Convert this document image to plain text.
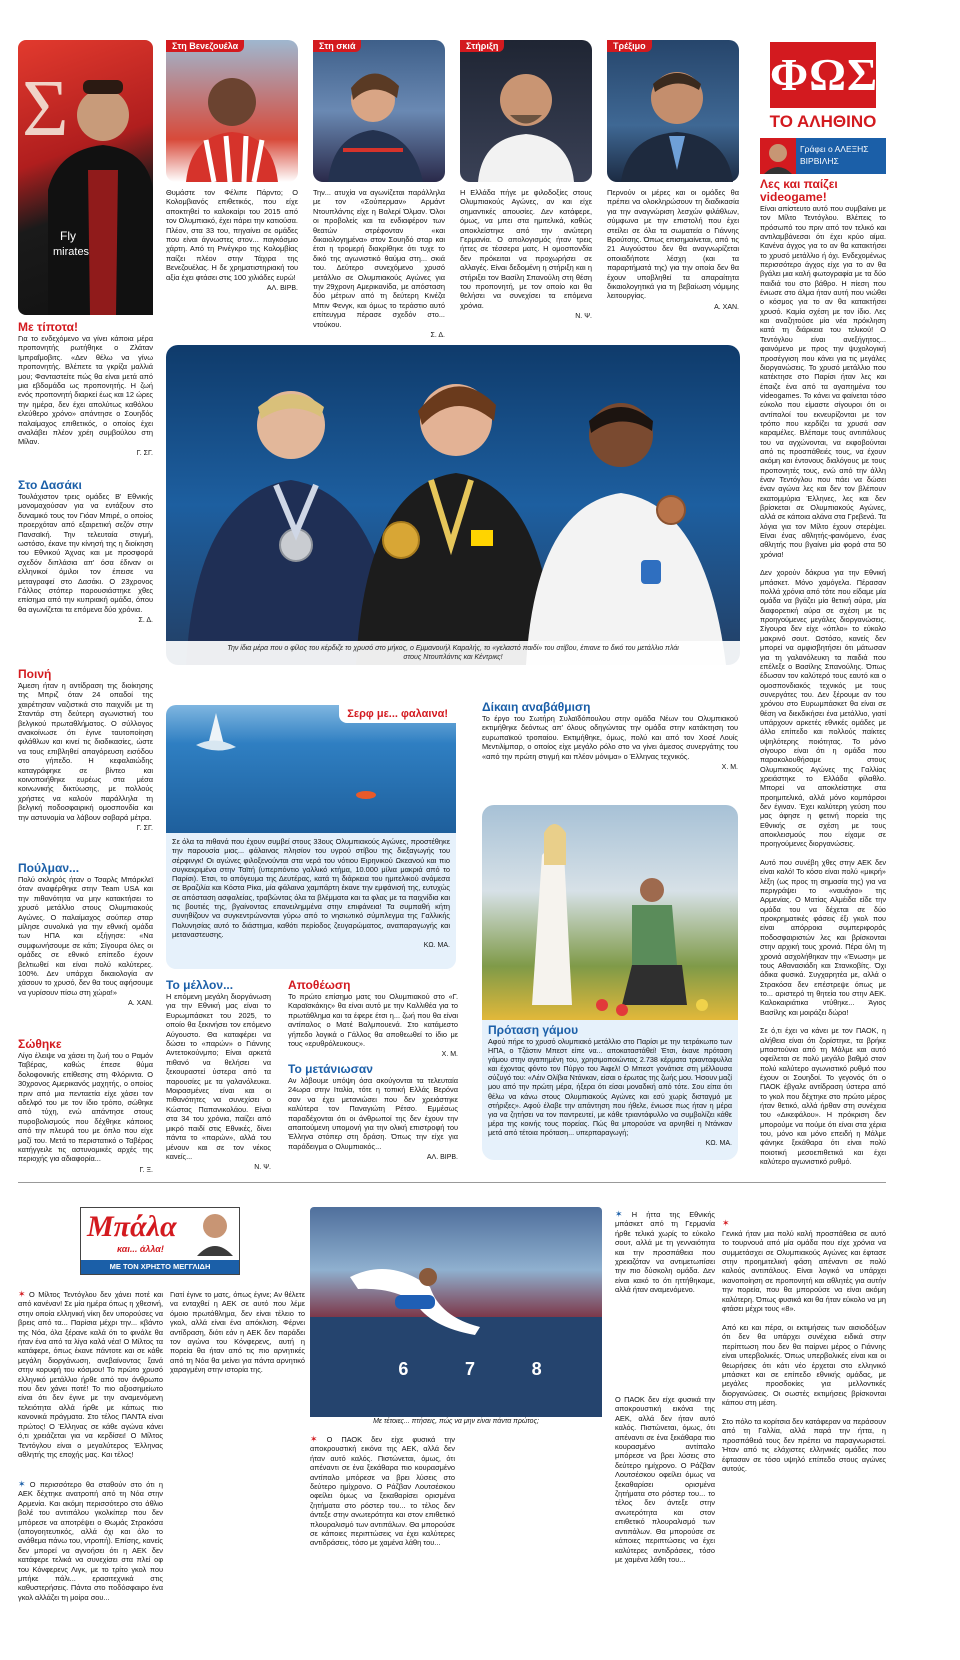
Σ
Fly
mirates
Στη Βενεζουέλα	Στη σκιά	Στήριξη	Τρέξιμο
ΦΩΣ
ΤΟ ΑΛΗΘΙΝΟ
Γράφει ο ΑΛΕΞΗΣ ΒΙΡΒΙΛΗΣ
Θυμάστε τον Φέλιπε Πάρντο; Ο Κολομβιανός επιθετικός, που είχε αποκτηθεί το καλοκαίρι του 2015 από τον Ολυμπιακό, έχει πάρει την κατιούσα. Πλέον, στα 33 του, πηγαίνει σε ομάδες που είναι άγνωστες στον... παγκόσμιο χάρτη. Από τη Ρινέγκρο της Κολομβίας παίζει πλέον στην Τάχιρα της Βενεζουέλας. Η δε χρηματιστηριακή του αξία έχει φτάσει στις 100 χιλιάδες ευρώ!
ΑΛ. ΒΙΡΒ.
Την... ατυχία να αγωνίζεται παράλληλα με τον «Σούπερμαν» Αρμάντ Ντουπλάντις είχε η Βαλερί Όλμαν. Όλοι οι προβολείς και τα ενδιαφέρον των θεατών στρέφονταν «και δικαιολογημένα» στον Σουηδό σταρ και έτσι η τρομερή διακρίθηκε ότι τυχε το δικό της αγωνιστικό θαύμα στη... σκιά του. Δεύτερο συνεχόμενο χρυσό μετάλλιο σε Ολυμπιακούς Αγώνες για την 29χρονη Αμερικανίδα, με απόσταση δύο μέτρων από τη δεύτερη Κινέζα Μπιν Φενγκ, και όμως το τεράστιο αυτό επίτευγμα πέρασε σχεδόν στο... ντούκου.
Σ. Δ.
Η Ελλάδα πήγε με φιλοδοξίες στους Ολυμπιακούς Αγώνες, αν και είχε σημαντικές απουσίες. Δεν κατάφερε, όμως, να μπει στα ημιτελικά, καθώς αποκλείστηκε από την ανώτερη Γερμανία. Ο απολογισμός ήταν τρεις ήττες σε τέσσερα ματς. Η ομοσπονδία δεν πρόκειται να προχωρήσει σε αλλαγές. Είναι δεδομένη η στήριξη και η στήριξει τον Βασίλη Σπανούλη στη θέση του προπονητή, με τον οποίο και θα θελήσει να συνεχίσει τα επόμενα χρόνια.
Ν. Ψ.
Περνούν οι μέρες και οι ομάδες θα πρέπει να ολοκληρώσουν τη διαδικασία για την αναγνώριση λεσχών φιλάθλων, σύμφωνα με την επιστολή που έχει στείλει σε όλα τα σωματεία ο Γιάννης Βρούτσης. Όπως επισημαίνεται, από τις 21 Αυγούστου δεν θα αναγνωρίζεται οποιαδήποτε λέσχη (και τα παραρτήματά της) για την οποία δεν θα έχουν υποβληθεί τα απαραίτητα δικαιολογητικά για τη βεβαίωση νόμιμης λειτουργίας.
Α. ΧΑΝ.
Με τίποτα!
Για το ενδεχόμενο να γίνει κάποια μέρα προπονητής ρωτήθηκε ο Ζλάταν Ιμπραΐμοβιτς. «Δεν θέλω να γίνω προπονητής. Βλέπετε τα γκρίζα μαλλιά μου; Φανταστείτε πώς θα είναι μετά από μια εβδομάδα ως προπονητής. Η ζωή ενός προπονητή διαρκεί έως και 12 ώρες την ημέρα, δεν έχει απολύτως καθόλου ελεύθερο χρόνο» απάντησε ο Σουηδός παλαίμαχος επιθετικός, ο οποίος έχει αναλάβει πλέον χρέη συμβούλου στη Μίλαν.
Γ. ΣΓ.
Στο Δασάκι
Τουλάχιστον τρεις ομάδες Β' Εθνικής μονομαχούσαν για να εντάξουν στο δυναμικό τους τον Γιόαν Μπιρέ, ο οποίος προερχόταν από εξαιρετική σεζόν στην Πανσαϊκή. Την τελευταία στιγμή, ωστόσο, έκανε την κίνησή της η διοίκηση του Εθνικού Άχνας και με προσφορά σχεδόν διπλάσια απ' όσα έδιναν οι ελληνικοί όμιλοι τον έπεισε να μεταγραφεί στο Δασάκι. Ο 23χρονος Γάλλος στόπερ παρουσιάστηκε χθες επίσημα από την κυπριακή ομάδα, όπου θα αγωνίζεται τα επόμενα δύο χρόνια.
Σ. Δ.
Ποινή
Άμεση ήταν η αντίδραση της διοίκησης της Μπριζ όταν 24 οπαδοί της χαιρέτησαν ναζιστικά στο παιχνίδι με τη Σταντάρ στη δεύτερη αγωνιστική του βελγικού πρωταθλήματος. Ο σύλλογος ανακοίνωσε ότι έγινε ταυτοποίηση φιλάθλων και κινεί τις διαδικασίες, ώστε να τους επιβληθεί απαγόρευση εισόδου στο γήπεδο. Η κεφαλαιώδης καταγράφηκε σε βίντεο και κοινοποιήθηκε ευρέως στα μέσα κοινωνικής δικτύωσης, με πολλούς χρήστες να καλούν παράλληλα τη βελγική ποδοσφαιρική ομοσπονδία και την αστυνομία να λάβουν σοβαρά μέτρα.
Γ. ΣΓ.
Πούλμαν...
Πολύ σκληρός ήταν ο Τσαρλς Μπάρκλεϊ όταν αναφέρθηκε στην Team USA και την πιθανότητα να μην κατακτήσει το χρυσό μετάλλιο στους Ολυμπιακούς Αγώνες. Ο παλαίμαχος σούπερ σταρ μίλησε συνολικά για την εθνική ομάδα των ΗΠΑ και εξήγησε: «Να συμφωνήσουμε σε κάτι; Σίγουρα όλες οι ομάδες σε εθνικό επίπεδο έχουν βελτιωθεί και είναι πολύ καλύτερες. 100%. Δεν υπάρχει δικαιολογία αν χάσουν το χρυσό, δεν θα τους αφήσουμε να γυρίσουν πίσω στη χώρα!»
Α. ΧΑΝ.
Σώθηκε
Λίγο έλειψε να χάσει τη ζωή του ο Ραμόν Ταβέρας, καθώς έπεσε θύμα δολοφονικής επίθεσης στη Φλόριντα. Ο 30χρονος Αμερικανός μαχητής, ο οποίος πριν από μια πενταετία είχε χάσει τον αδελφό του με τον ίδιο τρόπο, σώθηκε από τύχη, ενώ απάντησε στους πυροβολισμούς που δέχθηκε κάποιος από την πλευρά του με όπλο που είχε μαζί του. Μετά το περιστατικό ο Ταβέρας κατήγγειλε τις αστυνομικές αρχές της περιοχής για αδιαφορία...
Γ. Ξ.
Την ίδια μέρα που ο φίλος του κέρδιζε το χρυσό στο μήκος, ο Εμμανουήλ Καραλής, το «γελαστό παιδί» του στίβου, έπιανε το δικό του μετάλλιο πλάι στους Ντουπλάντις και Κέντρικς!
Λες και παίζει videogame!
Είναι απίστευτο αυτό που συμβαίνει με τον Μίλτο Τεντόγλου. Βλέπεις το πρόσωπό του πριν από τον τελικό και αντιλαμβάνεσαι ότι έχει κρύο αίμα. Κανένα άγχος για το αν θα κατακτήσει το χρυσό μετάλλιο ή όχι. Ενδεχομένως περισσότερο άγχος είχε για το αν θα βγάλει μια καλή φωτογραφία με τα δύο παιδιά του στο βάθρο. Η πίεση που ένιωσε στο άλμα ήταν αυτή που νιώθει ο κόσμος για το αν θα κατακτήσει χρυσό. Καμία σχέση με τον ίδιο. Λες και αναζητούσε μία νέα πρόκληση κατά τη διάρκεια του τελικού! Ο Τεντόγλου είναι ανεξήγητος... φαινόμενο με προς την ψυχολογική προσέγγιση που κάνει για τις μεγάλες διοργανώσεις. Το χρυσό μετάλλιο που κατέκτησε στο Παρίσι ήταν λες και έπαιζε ένα από τα αγαπημένα του videogames. Το κάνει να φαίνεται τόσο εύκολο που είμαστε σίγουροι ότι οι αντίπαλοί του εκνευρίζονται με τον τρόπο που κερδίζει τα χρυσά σαν καραμέλες. Βλέπαμε τους αντιπάλους του να αγχώνονται, να εκφοβούνται από τις προσπάθειές τους, να έχουν ακόμη και έντονους διαλόγους με τους προπονητές τους, ενώ από την άλλη έναν Τεντόγλου που πάει να δώσει έναν αγώνα λες και δεν τον βλέπουν εκατομμύρια Έλληνες, λες και δεν βρίσκεται σε Ολυμπιακούς Αγώνες, αλλά σε κάποια αλάνα στα Γρεβενά. Τα λόγια για τον Μίλτο έχουν στερέψει. Είναι ένας αθλητής-φαινόμενο, ένας αθλητής που βγαίνει μία φορά στα 50 χρόνια!

Δεν χορούν δάκρυα για την Εθνική μπάσκετ. Μόνο χαμόγελα. Πέρασαν πολλά χρόνια από τότε που είδαμε μία ομάδα να βγάζει μία θετική αύρα, μία διαφορετική αύρα σε σχέση με τις προηγούμενες μεγάλες διοργανώσεις. Σίγουρα δεν είχε «όπλο» το εύκολο μακρινό σουτ. Ωστόσο, κανείς δεν μπορεί να αμφισβητήσει ότι μάτωσαν για τη γαλανόλευκη τα παιδιά που επέλεξε ο Βασίλης Σπανούλης. Όπως έδωσαν τον καλύτερό τους εαυτό και ο ομοσπονδιακός τεχνικός με τους συνεργάτες του. Δεν ξέρουμε αν του χρόνου στο Ευρωμπάσκετ θα είναι σε θέση να διεκδικήσει ένα μετάλλιο, γιατί υπάρχουν αρκετές εθνικές ομάδες με άλλο επίπεδο και πολλούς παίκτες υψηλότερης ποιότητας. Το μόνο σίγουρο είναι ότι η ομάδα που παρακολουθήσαμε στους Ολυμπιακούς Αγώνες της Γαλλίας χρειάστηκε το Ελλάδα φίλαθλο. Μπορεί να αποκλείστηκε στα προημιτελικά, αλλά μόνο κομπάρσοι δεν έγιναν. Έχει καλύτερη γεύση που μας άφησε η φετινή πορεία της Εθνικής σε σχέση με τους αποκλεισμούς που είχαμε σε προηγούμενες διοργανώσεις.

Αυτό που συνέβη χθες στην ΑΕΚ δεν είναι καλό! Το κόσο είναι πολύ «μικρή» λέξη (ως προς τη σημασία της) για να περιγράψει το «ναυάγιο» της Αρμενίας. Ο Ματίας Αλμέιδα είδε την ομάδα του να δέχεται σε δύο προκρηματικές φάσεις έξι γκολ που είναι απόρροια συμπεριφοράς ποδοσφαιριστών λες και βρίσκονται στην αρχική τους χρονιά. Πέρα όλη τη χρονιά ασχολήθηκαν την «Ένωση» με τους Αθανασιάδη και Στανκοβίτς. Όχι άδικα φυσικά. Συγχαρητέα με, αλλά ο Στρακόσα δεν επέστρεψε όπως με το... αριστερό τη θητεία του στην ΑΕΚ. Καλοκαιριάτικα ντύθηκε... Άγιος Βασίλης και μοιράζει δώρα!

Σε ό,τι έχει να κάνει με τον ΠΑΟΚ, η αλήθεια είναι ότι ζορίστηκε, τα βρήκε μπαστούνια από τη Μάλμε και αυτό οφείλεται σε πολύ μεγάλο βαθμό στον πολύ καλύτερο αγωνιστικό ρυθμό που έχουν οι Σουηδοί. Το γεγονός ότι ο ΠΑΟΚ έβγαλε αντίδραση ύστερα από το γκολ που δέχτηκε στο πρώτο μέρος ήταν θετικό, αλλά ήρθαν στη συνέχεια του «Δικεφάλου». Η πρόκριση δεν μπορούμε να πούμε ότι είναι στα χέρια του, μόνο και μόνο επειδή η Μάλμε φάνηκε ξεκάθαρα ότι είναι πολύ ποιοτική μεσοεπιθετικά και έχει καλύτερο αγωνιστικό ρυθμό.
Σερφ με... φαλαινα!
Σε όλα τα πιθανά που έχουν συμβεί στους 33ους Ολυμπιακούς Αγώνες, προστέθηκε την παρουσία μιας... φάλαινας πλησίον του υγρού στίβου της διεξαγωγής του σέρφινγκ! Οι αγώνες φιλοξενούνται στα νερά του νότιου Ειρηνικού Ωκεανού και πιο συγκεκριμένα στην Ταϊτή (υπερπόντιο γαλλικό κτήμα, 10.000 μίλια μακριά από το Παρίσι). Έτσι, το απόγευμα της Δευτέρας, κατά τη διάρκεια του ημιτελικού ανάμεσα σε Βραζιλία και Κόστα Ρίκα, μία φάλαινα χαμπάρτη έκανε την εμφάνισή της, ευτυχώς σε απόσταση ασφαλείας, τραβώντας όλα τα βλέμματα και τα φλας με τα παιχνίδια και τις βουτιές της, βγαίνοντας επανειλημμένα στην επιφάνεια! Τα συμπαθή κήτη συνηθίζουν να συγκεντρώνονται γύρω από το νησιωτικό σύμπλεγμα της Γαλλικής Πολυνησίας αυτό το διάστημα, καθότι περίοδος ζευγαρώματος, αναπαραγωγής και μεταναστευσης.
ΚΩ. ΜΑ.
Δίκαιη αναβάθμιση
Το έργο του Σωτήρη Συλαϊδόπουλου στην ομάδα Νέων του Ολυμπιακού εκτιμήθηκε δεόντως απ' όλους οδηγώντας την ομάδα στην κατάκτηση του ευρωπαϊκού τροπαίου. Εκτιμήθηκε, όμως, πολύ και από τον Χοσέ Λουίς Μεντιλίμπαρ, ο οποίος είχε μεγάλο ρόλο στο να γίνει άμεσος συνεργάτης του «από την πρώτη στιγμή και πλέον μόνιμα» ο Έλληνας τεχνικός.
Χ. Μ.
Πρόταση γάμου
Αφού πήρε το χρυσό ολυμπιακό μετάλλιο στο Παρίσι με την τετράκωπο των ΗΠΑ, ο Τζάστιν Μπεστ είπε να... αποκαταστάθεί! Έτσι, έκανε πρόταση γάμου στην αγαπημένη του, χρησιμοποιώντας 2.738 κέρματα τριανταφυλλα και έχοντας φόντο τον Πύργο του Άιφελ! Ο Μπεστ γονάτισε στη μέλλουσα σύζυγό του: «Λέιν Ολίβια Ντάνκαν, είσαι ο έρωτας της ζωής μου. Ήσουν μαζί μου από την πρώτη μέρα, ήξερα ότι είσαι μοναδική από τότε. Σου είπα ότι θέλω να κάνω στους Ολυμπιακούς Αγώνες και εσύ χωρίς δισταγμό με στήριξες». Αφού έλαβε την απάντηση που ήθελε, ένιωσε πως ήταν η μέρα για να ζητήσει να τον παντρευτεί, με κάθε τριαντάφυλλο να συμβολίζει κάθε μέρα της κοινής τους πορείας. Πώς θα μπορούσε να αρνηθεί η Ντάνκαν μετά από τέτοια πρόταση... υπερπαραγωγή;
ΚΩ. ΜΑ.
Το μέλλον...
Η επόμενη μεγάλη διοργάνωση για την Εθνική μας είναι το Ευρωμπάσκετ του 2025, το οποίο θα ξεκινήσει τον επόμενο Αύγουστο. Θα καταφέρει να δώσει το «παρών» ο Γιάννης Αντετοκούνμπο; Είναι αρκετά πιθανό να θελήσει να ξεκουραστεί ύστερα από τα παρουσίες με τα γαλανόλευκα. Μοιρασμένες είναι και οι πιθανότητες να συνεχίσει ο Κώστας Παπανικολάου. Είναι στα 34 του χρόνια, παίζει από μικρό παιδί στις Εθνικές, δίνει πάντα το «παρών», αλλά του μένουν και σε τον νέκος κανείς...
Ν. Ψ.
Αποθέωση
Το πρώτο επίσημο ματς του Ολυμπιακού στο «Γ. Καραϊσκάκης» θα είναι αυτό με την Καλλιθέα για το πρωτάθλημα και τα έφερε έτσι η... ζωή που θα είναι αντίπαλος ο Ματέ Βαλμπουενά. Στο κατάμεστο γήπεδο λογικά ο Γάλλος θα αποθεωθεί το ίδιο με τους «ερυθρόλευκους».
Χ. Μ.
Το μετάνιωσαν
Αν λάβουμε υπόψη όσα ακούγονται τα τελευταία 24ωρα στην Ιταλία, τότε η τοπική Ελλάς Βερόνα σαν να έχει μετανιώσει που δεν χρειάστηκε καλύτερα τον Παναγιώτη Ρέτσο. Εμμέσως παραδέχονται ότι οι άνθρωποί της δεν έχουν την απαιτούμενη υπομονή για την ολική επιστροφή του Έλληνα στόπερ στη δράση. Όπως την είχε για παράδειγμα ο Ολυμπιακός...
ΑΛ. ΒΙΡΒ.
Μπάλα
και... άλλα!
ΜΕ ΤΟΝ ΧΡΗΣΤΟ ΜΕΓΓΛΙΔΗ
6	7	8
Με τέτοιες... πτήσεις, πώς να μην είναι πάντα πρώτος;
✶ Ο Μίλτος Τεντόγλου δεν χάνει ποτέ και από κανέναν! Σε μία ημέρα όπως η χθεσινή, στην οποία ελληνική νίκη δεν υπορούσες να βρεις από τα... Παρίσια μέχρι την... κβάντο της Νόα, όλα ξέρανε καλά ότι το φινάλε θα ήταν ένα από τα λίγα καλά νέα! Ο Μίλτος τα κατάφερε, όπως έκανε πάντοτε και σε κάθε μεγάλη διοργάνωση, ανεβαίνοντας ξανά στην κορυφή του κόσμου! Το πρώτο χρυσό ελληνικό μετάλλιο ήρθε από τον άνθρωπο που δεν χάνει ποτέ! Το πιο αξιοσημείωτο είναι ότι δεν έγινε με την αναμενόμενη τελειότητα αλλά ήρθε με κάπως πιο κανονικά πράγματα. Στο τέλος ΠΑΝΤΑ είναι πρώτος! Ο Έλληνας σε κάθε αγώνα κάνει ό,τι χρειάζεται για να κερδίσει! Ο Μίλτος Τεντόγλου είναι ο μεγαλύτερος Έλληνας αθλητής της εποχής μας. Και τέλος!
✶ Ο περισσότερο θα σταθούν στο ότι η ΑΕΚ δέχτηκε ανατροπή από τη Νόα στην Αρμενία. Και ακόμη περισσότερο στο άθλιο βολέ του αντιπάλου γκολκίπερ που δεν μπόρεσε να αποτρέψει ο Θωμάς Στρακόσα (απογοητευτικός, αλλά όχι και όλο το ανάθεμα πάνω του, ντροπή). Επίσης, κανείς δεν μπορεί να αγνοήσει ότι η ΑΕΚ δεν κατάφερε τελικά να συνεχίσει στα πλεί οφ του Κόνφερενς Λιγκ, με το τρίτο γκολ που μπήκε πάλι... ερασιτεχνικά στις καθυστερήσεις. Πάντα στο ποδόσφαιρο ένα γκολ αλλάζει τη μοίρα σου...
Γιατί έγινε το ματς, όπως έγινε; Αν θέλετε να ενταχθεί η ΑΕΚ σε αυτό που λέμε όμοιο πρωτάθλημα, δεν είναι τέλειο το γκολ, αλλά είναι ένα απόκλιση. Φέρνει αντίδραση, διότι εάν η ΑΕΚ δεν παράδει τον αγώνα του Κόνφερενς, αυτή η πορεία θα ήταν από τις πιο αρνητικές από τη Νόα θα μείνει για πάντα αρνητικό χαραγμένη στην ιστορία της.
✶ Ο ΠΑΟΚ δεν είχε φυσικά την αποκρουστική εικόνα της ΑΕΚ, αλλά δεν ήταν αυτό καλός. Πιστώνεται, όμως, ότι απέναντι σε ένα ξεκάθαρα πιο κουρασμένο αντίπαλο μπόρεσε να βρει λύσεις στο δεύτερο ημίχρονο. Ο Ράζβαν Λουτσέσκου οφείλει όμως να ξεκαθαρίσει ορισμένα ζητήματα στο ρόστερ του... το τέλος δεν άντεξε στην ανωτερότητα και στον επιθετικό πλουραλισμό των αντιπάλων. Θα μπορούσε σε κάποιες περιπτώσεις να έχει καλύτερες αντιδράσεις, τόσο με χαμένα λάθη του...
✶ Η ήττα της Εθνικής μπάσκετ από τη Γερμανία ήρθε τελικά χωρίς το εύκολο σουτ, αλλά με τη γενναιότητα και την προσπάθεια που χρειαζόταν να αντιμετωπίσει την πιο δύσκολη ομάδα. Δεν είναι κακό το ότι ηττήθηκαμε, αλλά ήταν αναμενόμενο.

✶
Γενικά ήταν μια πολύ καλή προσπάθεια σε αυτό το τουρνουά από μία ομάδα που είχε χρόνια να συμμετάσχει σε Ολυμπιακούς Αγώνες και έφτασε στην προημιτελική φάση απέναντι σε πολύ καλούς αντιπάλους. Είναι λογικό να υπάρχει ικανοποίηση σε προπονητή και αθλητές για αυτήν την πορεία, που θα μπορούσε να είναι ακόμη καλύτερη. Όπως φυσικά και θα ήταν εύκολο να μη φτάσει μέχρι τους «8».

Από κει και πέρα, οι εκτιμήσεις των αισιοδόξων ότι δεν θα υπάρχει συνέχεια ειδικά στην περίπτωση που δεν θα παίρνει μέρος ο Γιάννης είναι υπερβολικές. Όπως υπερβολικές είναι και οι θεωρήσεις ότι κάτι νέο έρχεται στο ελληνικό μπάσκετ και σε επίπεδο εθνικής ομάδας, με μεγάλες προσδοκίες για μελλοντικές διοργανώσεις. Οι σωστές εκτιμήσεις βρίσκονται κάπου στη μέση.

Στο πόλο τα κορίτσια δεν κατάφεραν να περάσουν από τη Γαλλία, αλλά παρά την ήττα, η προσπάθειά τους δεν πρέπει να παραγνωριστεί. Ήταν από τις ελάχιστες ελληνικές ομάδες που έφτασαν σε τόσο υψηλό επίπεδο στους αγώνες αυτούς.

Ο ΠΑΟΚ δεν είχε φυσικά την αποκρουστική εικόνα της ΑΕΚ, αλλά δεν ήταν αυτό καλός. Πιστώνεται, όμως, ότι απέναντι σε ένα ξεκάθαρα πιο κουρασμένο αντίπαλο μπόρεσε να βρει λύσεις στο δεύτερο ημίχρονο. Ο Ράζβαν Λουτσέσκου οφείλει όμως να ξεκαθαρίσει ορισμένα ζητήματα στο ρόστερ του... το τέλος δεν άντεξε στην ανωτερότητα και στον επιθετικό πλουραλισμό των αντιπάλων. Θα μπορούσε σε κάποιες περιπτώσεις να έχει καλύτερες αντιδράσεις, τόσο με χαμένα λάθη του...
